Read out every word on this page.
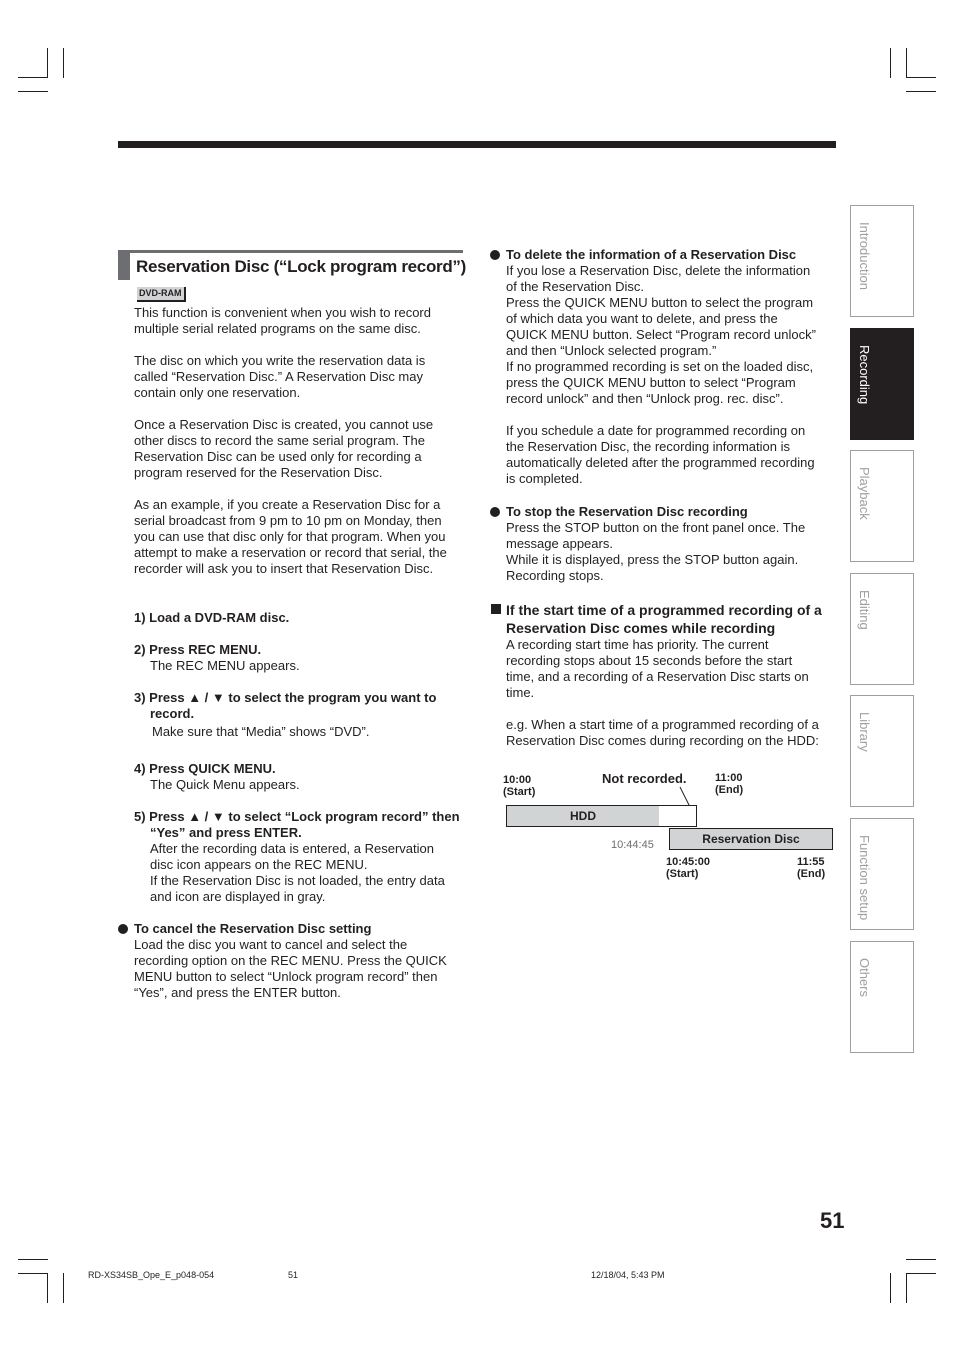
Reservation Disc (“Lock program record”)
DVD-RAM
This function is convenient when you wish to record
multiple serial related programs on the same disc.
The disc on which you write the reservation data is
called “Reservation Disc.” A Reservation Disc may
contain only one reservation.
Once a Reservation Disc is created, you cannot use
other discs to record the same serial program. The
Reservation Disc can be used only for recording a
program reserved for the Reservation Disc.
As an example, if you create a Reservation Disc for a
serial broadcast from 9 pm to 10 pm on Monday, then
you can use that disc only for that program. When you
attempt to make a reservation or record that serial, the
recorder will ask you to insert that Reservation Disc.
1) Load a DVD-RAM disc.
2) Press REC MENU.
The REC MENU appears.
3) Press ▲ / ▼ to select the program you want to
record.
Make sure that “Media” shows “DVD”.
4) Press QUICK MENU.
The Quick Menu appears.
5) Press ▲ / ▼ to select “Lock program record” then
“Yes” and press ENTER.
After the recording data is entered, a Reservation
disc icon appears on the REC MENU.
If the Reservation Disc is not loaded, the entry data
and icon are displayed in gray.
To cancel the Reservation Disc setting
Load the disc you want to cancel and select the
recording option on the REC MENU. Press the QUICK
MENU button to select “Unlock program record” then
“Yes”, and press the ENTER button.
To delete the information of a Reservation Disc
If you lose a Reservation Disc, delete the information
of the Reservation Disc.
Press the QUICK MENU button to select the program
of which data you want to delete, and press the
QUICK MENU button. Select “Program record unlock”
and then “Unlock selected program.”
If no programmed recording is set on the loaded disc,
press the QUICK MENU button to select “Program
record unlock” and then “Unlock prog. rec. disc”.
If you schedule a date for programmed recording on
the Reservation Disc, the recording information is
automatically deleted after the programmed recording
is completed.
To stop the Reservation Disc recording
Press the STOP button on the front panel once. The
message appears.
While it is displayed, press the STOP button again.
Recording stops.
If the start time of a programmed recording of a
Reservation Disc comes while recording
A recording start time has priority. The current
recording stops about 15 seconds before the start
time, and a recording of a Reservation Disc starts on
time.
e.g. When a start time of a programmed recording of a
Reservation Disc comes during recording on the HDD:
10:00
(Start)
Not recorded.	11:00
(End)
HDD
10:44:45	Reservation Disc
10:45:00
(Start)
11:55
(End)
Introduction
Recording
Playback
Editing
Library
Function setup
Others
51
RD-XS34SB_Ope_E_p048-054	51	12/18/04, 5:43 PM
